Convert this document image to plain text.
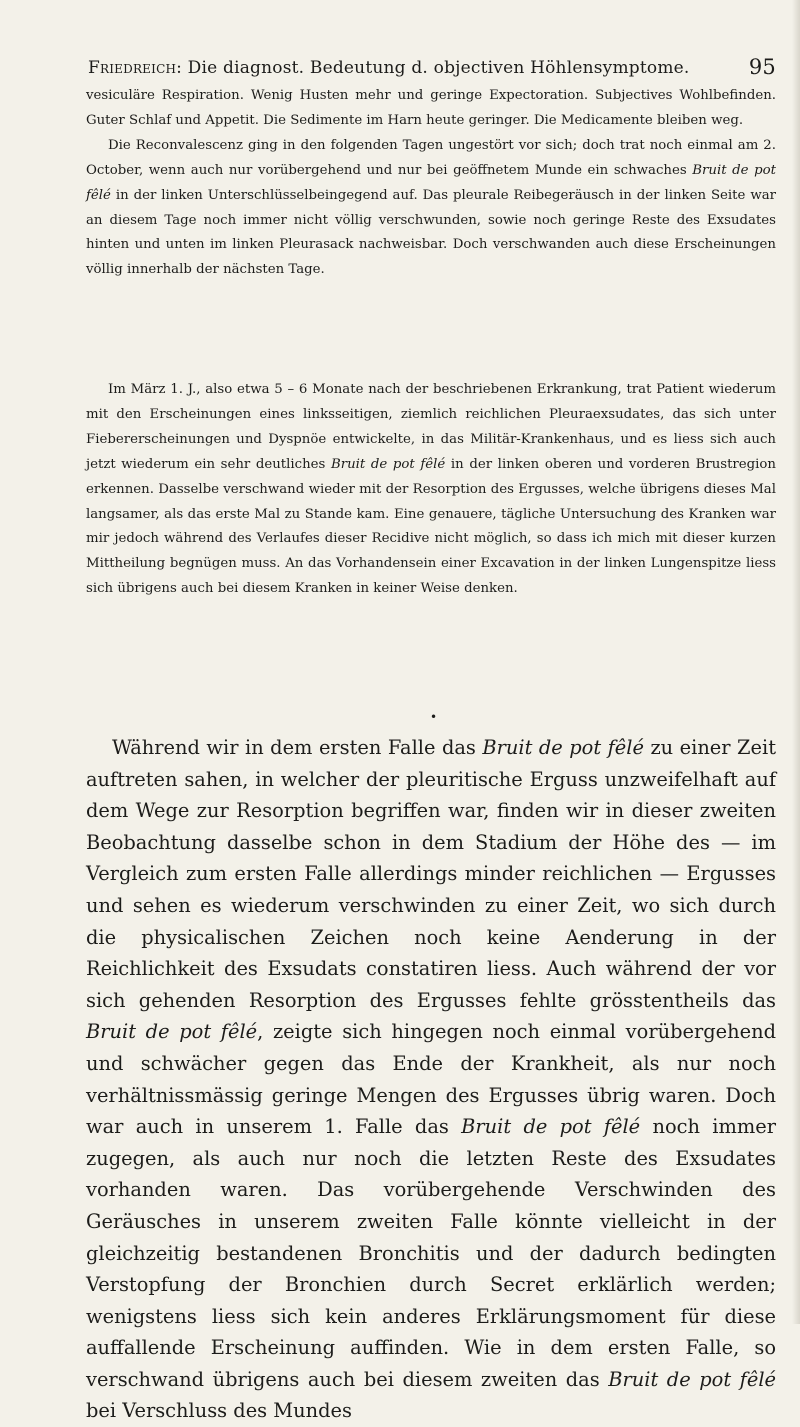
Friedreich: Die diagnost. Bedeutung d. objectiven Höhlensymptome.	95

vesiculäre Respiration. Wenig Husten mehr und geringe Expectoration. Subjectives Wohlbefinden. Guter Schlaf und Appetit. Die Sedimente im Harn heute geringer. Die Medicamente bleiben weg.

Die Reconvalescenz ging in den folgenden Tagen ungestört vor sich; doch trat noch einmal am 2. October, wenn auch nur vorübergehend und nur bei geöffnetem Munde ein schwaches Bruit de pot fêlé in der linken Unterschlüsselbeingegend auf. Das pleurale Reibegeräusch in der linken Seite war an diesem Tage noch immer nicht völlig verschwunden, sowie noch geringe Reste des Exsudates hinten und unten im linken Pleurasack nachweisbar. Doch verschwanden auch diese Erscheinungen völlig innerhalb der nächsten Tage.

Im März 1. J., also etwa 5 – 6 Monate nach der beschriebenen Erkrankung, trat Patient wiederum mit den Erscheinungen eines linksseitigen, ziemlich reichlichen Pleuraexsudates, das sich unter Fiebererscheinungen und Dyspnöe entwickelte, in das Militär-Krankenhaus, und es liess sich auch jetzt wiederum ein sehr deutliches Bruit de pot fêlé in der linken oberen und vorderen Brustregion erkennen. Dasselbe verschwand wieder mit der Resorption des Ergusses, welche übrigens dieses Mal langsamer, als das erste Mal zu Stande kam. Eine genauere, tägliche Untersuchung des Kranken war mir jedoch während des Verlaufes dieser Recidive nicht möglich, so dass ich mich mit dieser kurzen Mittheilung begnügen muss. An das Vorhandensein einer Excavation in der linken Lungenspitze liess sich übrigens auch bei diesem Kranken in keiner Weise denken.

•

Während wir in dem ersten Falle das Bruit de pot fêlé zu einer Zeit auftreten sahen, in welcher der pleuritische Erguss unzweifelhaft auf dem Wege zur Resorption begriffen war, finden wir in dieser zweiten Beobachtung dasselbe schon in dem Stadium der Höhe des — im Vergleich zum ersten Falle allerdings minder reichlichen — Ergusses und sehen es wiederum verschwinden zu einer Zeit, wo sich durch die physicalischen Zeichen noch keine Aenderung in der Reichlichkeit des Exsudats constatiren liess. Auch während der vor sich gehenden Resorption des Ergusses fehlte grösstentheils das Bruit de pot fêlé, zeigte sich hingegen noch einmal vorübergehend und schwächer gegen das Ende der Krankheit, als nur noch verhältnissmässig geringe Mengen des Ergusses übrig waren. Doch war auch in unserem 1. Falle das Bruit de pot fêlé noch immer zugegen, als auch nur noch die letzten Reste des Exsudates vorhanden waren. Das vorübergehende Verschwinden des Geräusches in unserem zweiten Falle könnte vielleicht in der gleichzeitig bestandenen Bronchitis und der dadurch bedingten Verstopfung der Bronchien durch Secret erklärlich werden; wenigstens liess sich kein anderes Erklärungsmoment für diese auffallende Erscheinung auffinden. Wie in dem ersten Falle, so verschwand übrigens auch bei diesem zweiten das Bruit de pot fêlé bei Verschluss des Mundes
